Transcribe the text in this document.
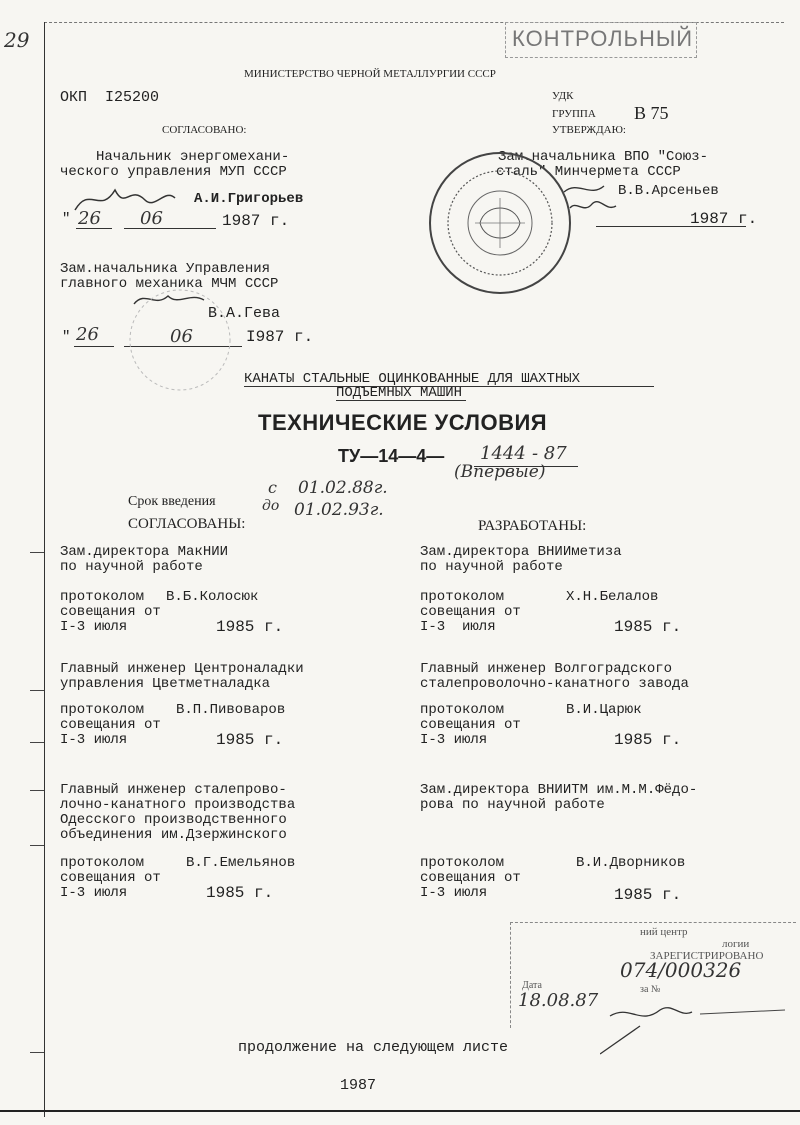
29	КОНТРОЛЬНЫЙ
МИНИСТЕРСТВО ЧЕРНОЙ МЕТАЛЛУРГИИ СССР
ОКП  I25200	УДК
ГРУППА В 75
УТВЕРЖДАЮ:
СОГЛАСОВАНО:
Начальник энергомехани-
ческого управления МУП СССР
А.И.Григорьев
" 26 06	1987 г.
Зам.начальника Управления
главного механика МЧМ СССР
В.А.Гева
" 26	06	I987 г.
Зам.начальника ВПО "Союз-
сталь" Минчермета СССР
В.В.Арсеньев
1987 г.
КАНАТЫ СТАЛЬНЫЕ ОЦИНКОВАННЫЕ ДЛЯ ШАХТНЫХ
ПОДЪЕМНЫХ МАШИН
ТЕХНИЧЕСКИЕ УСЛОВИЯ
ТУ—14—4— 1444 - 87
(Впервые)
Срок введения
с 01.02.88г.
до 01.02.93г.
СОГЛАСОВАНЫ:	РАЗРАБОТАНЫ:
Зам.директора МакНИИ
по научной работе
протоколом В.Б.Колосюк
совещания от
I-3 июля	1985 г.
Зам.директора ВНИИметиза
по научной работе
протоколом	Х.Н.Белалов
совещания от
I-3  июля	1985 г.
Главный инженер Центроналадки
управления Цветметналадка
протоколом В.П.Пивоваров
совещания от
I-3 июля	1985 г.
Главный инженер Волгоградского
сталепроволочно-канатного завода
протоколом	В.И.Царюк
совещания от
I-3 июля	1985 г.
Главный инженер сталепрово-
лочно-канатного производства
Одесского производственного
объединения им.Дзержинского
протоколом	В.Г.Емельянов
совещания от
I-3 июля	1985 г.
Зам.директора ВНИИТМ им.М.М.Фёдо-
рова по научной работе
протоколом	В.И.Дворников
совещания от
I-3 июля	1985 г.
ний центр
логии
ЗАРЕГИСТРИРОВАНО
074/000326
за №
Дата
18.08.87
продолжение на следующем листе
1987
